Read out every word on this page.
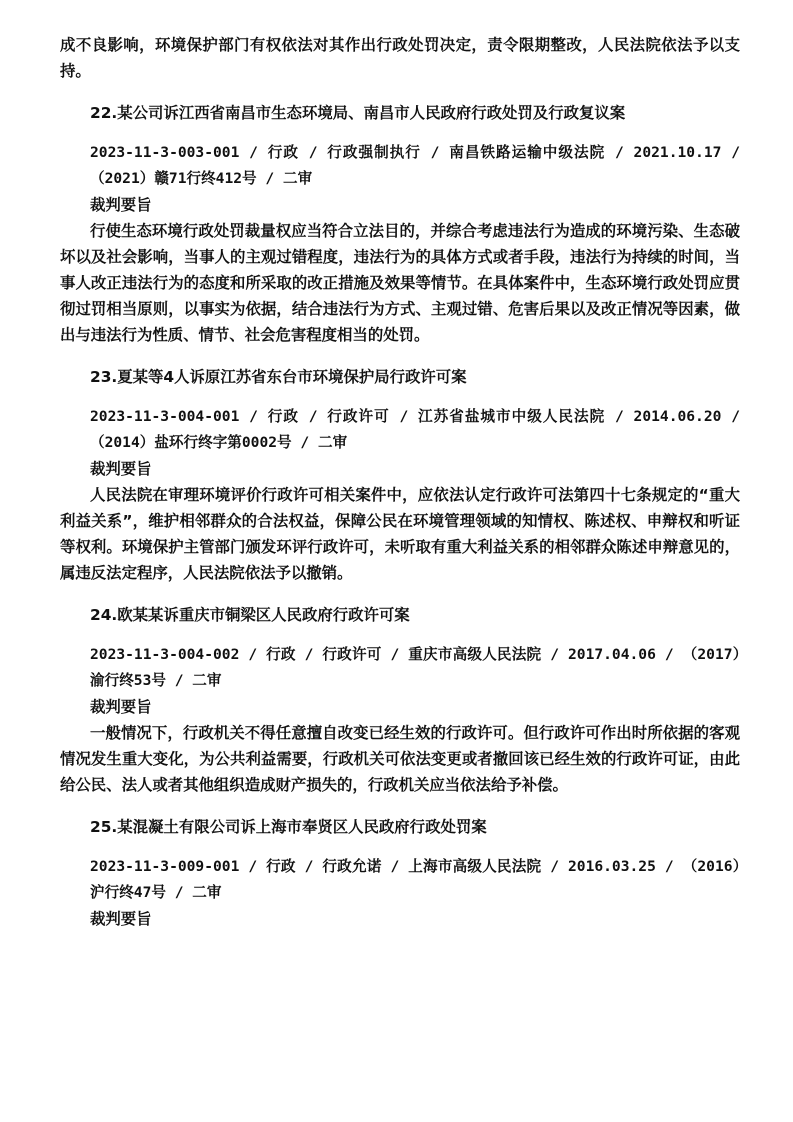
成不良影响，环境保护部门有权依法对其作出行政处罚决定，责令限期整改，人民法院依法予以支持。

22.某公司诉江西省南昌市生态环境局、南昌市人民政府行政处罚及行政复议案

2023-11-3-003-001 / 行政 / 行政强制执行 / 南昌铁路运输中级法院 / 2021.10.17 / （2021）赣71行终412号 / 二审

裁判要旨

行使生态环境行政处罚裁量权应当符合立法目的，并综合考虑违法行为造成的环境污染、生态破坏以及社会影响，当事人的主观过错程度，违法行为的具体方式或者手段，违法行为持续的时间，当事人改正违法行为的态度和所采取的改正措施及效果等情节。在具体案件中，生态环境行政处罚应贯彻过罚相当原则，以事实为依据，结合违法行为方式、主观过错、危害后果以及改正情况等因素，做出与违法行为性质、情节、社会危害程度相当的处罚。

23.夏某等4人诉原江苏省东台市环境保护局行政许可案

2023-11-3-004-001 / 行政 / 行政许可 / 江苏省盐城市中级人民法院 / 2014.06.20 / （2014）盐环行终字第0002号 / 二审

裁判要旨

人民法院在审理环境评价行政许可相关案件中，应依法认定行政许可法第四十七条规定的“重大利益关系”，维护相邻群众的合法权益，保障公民在环境管理领域的知情权、陈述权、申辩权和听证等权利。环境保护主管部门颁发环评行政许可，未听取有重大利益关系的相邻群众陈述申辩意见的，属违反法定程序，人民法院依法予以撤销。

24.欧某某诉重庆市铜梁区人民政府行政许可案

2023-11-3-004-002 / 行政 / 行政许可 / 重庆市高级人民法院 / 2017.04.06 / （2017）渝行终53号 / 二审

裁判要旨

一般情况下，行政机关不得任意擅自改变已经生效的行政许可。但行政许可作出时所依据的客观情况发生重大变化，为公共利益需要，行政机关可依法变更或者撤回该已经生效的行政许可证，由此给公民、法人或者其他组织造成财产损失的，行政机关应当依法给予补偿。

25.某混凝土有限公司诉上海市奉贤区人民政府行政处罚案

2023-11-3-009-001 / 行政 / 行政允诺 / 上海市高级人民法院 / 2016.03.25 / （2016）沪行终47号 / 二审

裁判要旨
